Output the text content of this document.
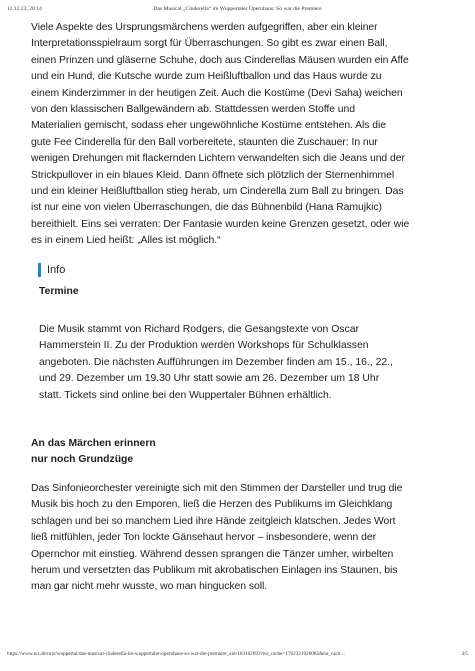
11.12.23, 20:14	Das Musical „Cinderella“ im Wuppertaler Opernhaus: So war die Premiere

Viele Aspekte des Ursprungsmärchens werden aufgegriffen, aber ein kleiner
Interpretationsspielraum sorgt für Überraschungen. So gibt es zwar einen Ball,
einen Prinzen und gläserne Schuhe, doch aus Cinderellas Mäusen wurden ein Affe
und ein Hund, die Kutsche wurde zum Heißluftballon und das Haus wurde zu
einem Kinderzimmer in der heutigen Zeit. Auch die Kostüme (Devi Saha) weichen
von den klassischen Ballgewändern ab. Stattdessen werden Stoffe und
Materialien gemischt, sodass eher ungewöhnliche Kostüme entstehen. Als die
gute Fee Cinderella für den Ball vorbereitete, staunten die Zuschauer: In nur
wenigen Drehungen mit flackernden Lichtern verwandelten sich die Jeans und der
Strickpullover in ein blaues Kleid. Dann öffnete sich plötzlich der Sternenhimmel
und ein kleiner Heißluftballon stieg herab, um Cinderella zum Ball zu bringen. Das
ist nur eine von vielen Überraschungen, die das Bühnenbild (Hana Ramujkic)
bereithielt. Eins sei verraten: Der Fantasie wurden keine Grenzen gesetzt, oder wie
es in einem Lied heißt: „Alles ist möglich.“

Info
Termine

Die Musik stammt von Richard Rodgers, die Gesangstexte von Oscar
Hammerstein II. Zu der Produktion werden Workshops für Schulklassen
angeboten. Die nächsten Aufführungen im Dezember finden am 15., 16., 22.,
und 29. Dezember um 19.30 Uhr statt sowie am 26. Dezember um 18 Uhr
statt. Tickets sind online bei den Wuppertaler Bühnen erhältlich.

An das Märchen erinnern
nur noch Grundzüge

Das Sinfonieorchester vereinigte sich mit den Stimmen der Darsteller und trug die
Musik bis hoch zu den Emporen, ließ die Herzen des Publikums im Gleichklang
schlagen und bei so manchem Lied ihre Hände zeitgleich klatschen. Jedes Wort
ließ mitfühlen, jeder Ton lockte Gänsehaut hervor – insbesondere, wenn der
Opernchor mit einstieg. Während dessen sprangen die Tänzer umher, wirbelten
herum und versetzten das Publikum mit akrobatischen Einlagen ins Staunen, bis
man gar nicht mehr wusste, wo man hingucken soll.

https://www.wz.de/nrw/wuppertal/das-musical-cinderella-im-wuppertaler-opernhaus-so-war-die-premiere_aid-103162693?no_cache=1702321926085&no_cach…	4/5
